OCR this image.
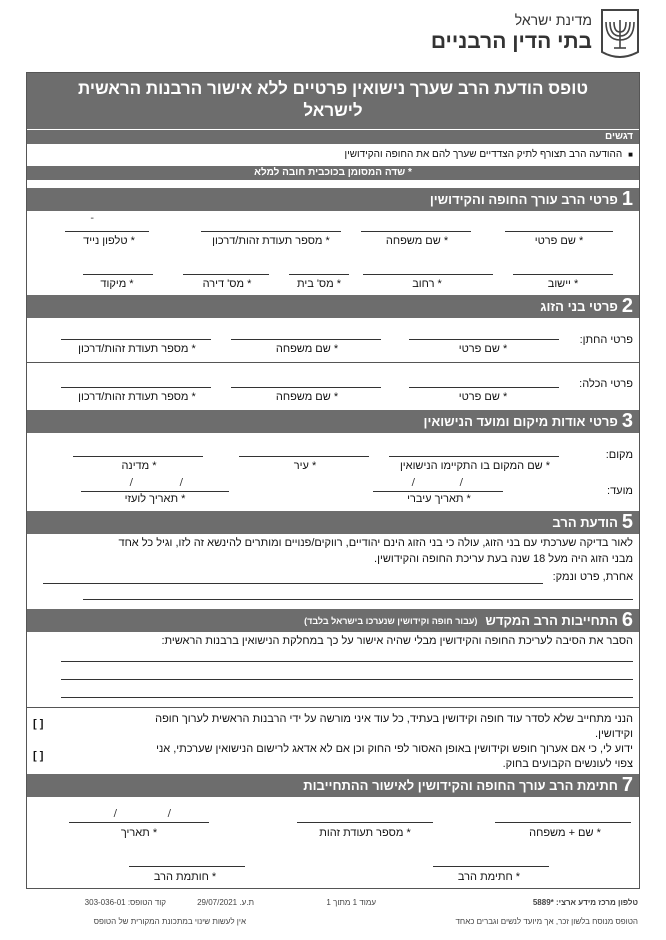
מדינת ישראל
בתי הדין הרבניים
טופס הודעת הרב שערך נישואין פרטיים ללא אישור הרבנות הראשית
לישראל
דגשים
■ההודעה הרב תצורף לתיק הצדדיים שערך להם את החופה והקידושין
* שדה המסומן בכוכבית חובה למלא
1
פרטי הרב עורך החופה והקידושין
-
* שם פרטי
* שם משפחה
* מספר תעודת זהות/דרכון
* טלפון נייד
* יישוב
* רחוב
* מס' בית
* מס' דירה
* מיקוד
2
פרטי בני הזוג
פרטי החתן:
* שם פרטי
* שם משפחה
* מספר תעודת זהות/דרכון
פרטי הכלה:
* שם פרטי
* שם משפחה
* מספר תעודת זהות/דרכון
3
פרטי אודות מיקום ומועד הנישואין
מקום:
* שם המקום בו התקיימו הנישואין
* עיר
* מדינה
מועד:
/
/
/
/
* תאריך עיברי
* תאריך לועזי
5
הודעת הרב
לאור בדיקה שערכתי עם בני הזוג, עולה כי בני הזוג הינם יהודיים, רווקים/פנויים ומותרים להינשא זה לזו, וגיל כל אחד
מבני הזוג היה מעל 18 שנה בעת עריכת החופה והקידושין.
אחרת, פרט ונמק:
6
התחייבות הרב המקדש
(עבור חופה וקידושין שנערכו בישראל בלבד)
הסבר את הסיבה לעריכת החופה והקידושין מבלי שהיה אישור על כך במחלקת הנישואין ברבנות הראשית:
הנני מתחייב שלא לסדר עוד חופה וקידושין בעתיד, כל עוד איני מורשה על ידי הרבנות הראשית לערוך חופה
וקידושין.
[ ]
ידוע לי, כי אם אערוך חופש וקידושין באופן האסור לפי החוק וכן אם לא אדאג לרישום הנישואין שערכתי, אני
צפוי לעונשים הקבועים בחוק.
[ ]
7
חתימת הרב עורך החופה והקידושין לאישור ההתחייבות
/
/
* שם + משפחה
* מספר תעודת זהות
* תאריך
* חתימת הרב
* חותמת הרב
טלפון מרכז מידע ארצי: *5889
עמוד 1 מתוך 1
ת.ע. 29/07/2021
קוד הטופס: 303-036-01
הטופס מנוסח בלשון זכר, אך מיועד לנשים וגברים כאחד
אין לעשות שינוי במתכונת המקורית של הטופס
